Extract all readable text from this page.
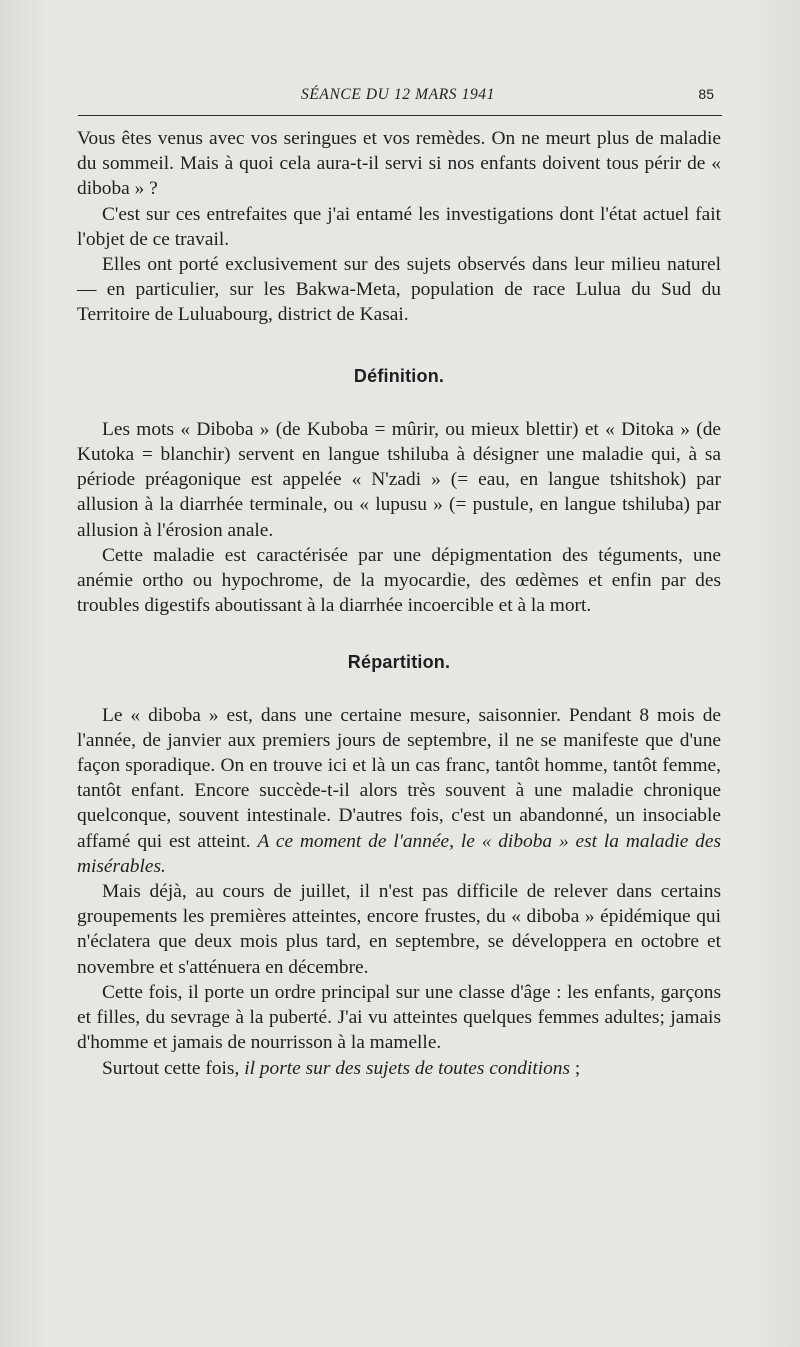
SÉANCE DU 12 MARS 1941	85

Vous êtes venus avec vos seringues et vos remèdes. On ne meurt plus de maladie du sommeil. Mais à quoi cela aura-t-il servi si nos enfants doivent tous périr de « diboba » ?

C'est sur ces entrefaites que j'ai entamé les investigations dont l'état actuel fait l'objet de ce travail.

Elles ont porté exclusivement sur des sujets observés dans leur milieu naturel — en particulier, sur les Bakwa-Meta, population de race Lulua du Sud du Territoire de Luluabourg, district de Kasai.

Définition.

Les mots « Diboba » (de Kuboba = mûrir, ou mieux blettir) et « Ditoka » (de Kutoka = blanchir) servent en langue tshiluba à désigner une maladie qui, à sa période préagonique est appelée « N'zadi » (= eau, en langue tshitshok) par allusion à la diarrhée terminale, ou « lupusu » (= pustule, en langue tshiluba) par allusion à l'érosion anale.

Cette maladie est caractérisée par une dépigmentation des téguments, une anémie ortho ou hypochrome, de la myocardie, des œdèmes et enfin par des troubles digestifs aboutissant à la diarrhée incoercible et à la mort.

Répartition.

Le « diboba » est, dans une certaine mesure, saisonnier. Pendant 8 mois de l'année, de janvier aux premiers jours de septembre, il ne se manifeste que d'une façon sporadique. On en trouve ici et là un cas franc, tantôt homme, tantôt femme, tantôt enfant. Encore succède-t-il alors très souvent à une maladie chronique quelconque, souvent intestinale. D'autres fois, c'est un abandonné, un insociable affamé qui est atteint. A ce moment de l'année, le « diboba » est la maladie des misérables.

Mais déjà, au cours de juillet, il n'est pas difficile de relever dans certains groupements les premières atteintes, encore frustes, du « diboba » épidémique qui n'éclatera que deux mois plus tard, en septembre, se développera en octobre et novembre et s'atténuera en décembre.

Cette fois, il porte un ordre principal sur une classe d'âge : les enfants, garçons et filles, du sevrage à la puberté. J'ai vu atteintes quelques femmes adultes; jamais d'homme et jamais de nourrisson à la mamelle.

Surtout cette fois, il porte sur des sujets de toutes conditions ;
